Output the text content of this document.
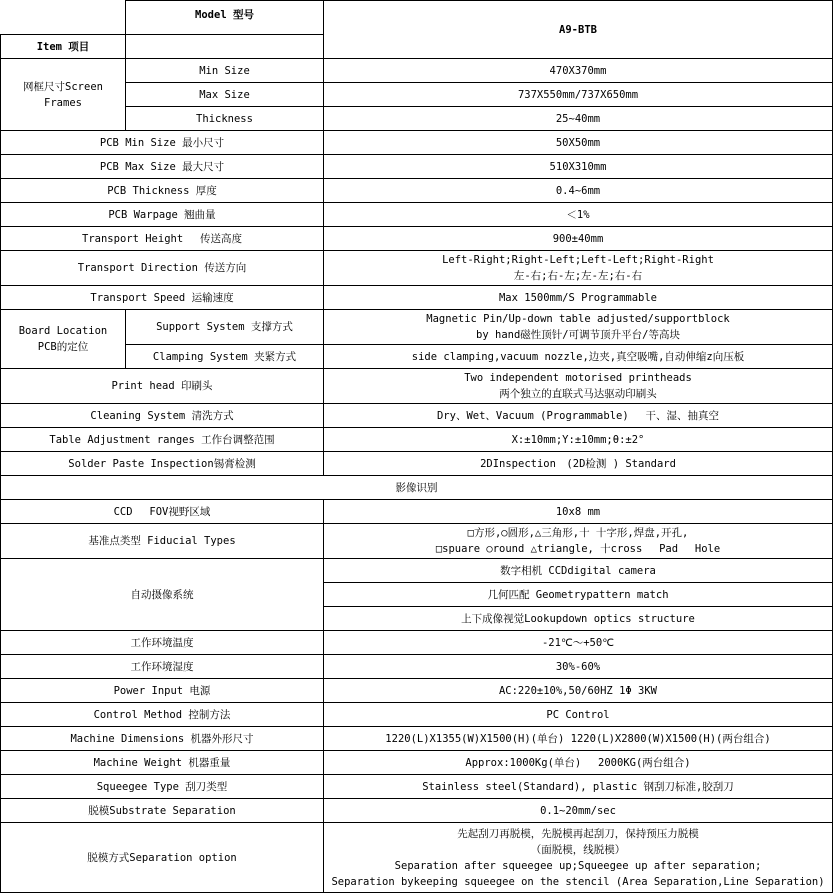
	Model 型号	A9-BTB
Item 项目		
网框尺寸Screen Frames	Min Size	470X370mm
	Max Size	737X550mm/737X650mm
	Thickness	25~40mm
PCB Min Size 最小尺寸		50X50mm
PCB Max Size 最大尺寸		510X310mm
PCB Thickness 厚度		0.4~6mm
PCB Warpage 翘曲量		＜1%
Transport Height　 传送高度		900±40mm
Transport Direction 传送方向		Left-Right;Right-Left;Left-Left;Right-Right
左-右;右-左;左-左;右-右

Transport Speed 运输速度		Max 1500mm/S Programmable

Board Location
PCB的定位	Support System 支撑方式	Magnetic Pin/Up-down table adjusted/supportblock
by hand磁性顶针/可调节顶升平台/等高块

	Clamping System 夹紧方式	side clamping,vacuum nozzle,边夹,真空吸嘴,自动伸缩z向压板
Print head 印刷头		Two independent motorised printheads
两个独立的直联式马达驱动印刷头

Cleaning System 清洗方式		Dry、Wet、Vacuum (Programmable)　 干、湿、抽真空
Table Adjustment ranges 工作台调整范围		X:±10mm;Y:±10mm;θ:±2°
Solder Paste Inspection锡膏检测		2DInspection　(2D检测 ) Standard
影像识别		
CCD　 FOV视野区域		10x8 mm
基准点类型 Fiducial Types		□方形,○圆形,△三角形,十 十字形,焊盘,开孔,
□spuare ○round △triangle, 十cross 　Pad　 Hole

自动摄像系统		数字相机 CCDdigital camera
		几何匹配 Geometrypattern match
		上下成像视觉Lookupdown optics structure
工作环境温度		-21℃～+50℃
工作环境湿度		30%-60%
Power Input 电源		AC:220±10%,50/60HZ 1Φ 3KW
Control Method 控制方法		PC Control
Machine Dimensions 机器外形尺寸		1220(L)X1355(W)X1500(H)(单台) 1220(L)X2800(W)X1500(H)(两台组合)
Machine Weight 机器重量		Approx:1000Kg(单台)　 2000KG(两台组合)
Squeegee Type 刮刀类型		Stainless steel(Standard), plastic 钢刮刀标准,胶刮刀
脱模Substrate Separation		0.1~20mm/sec
脱模方式Separation option		先起刮刀再脱模，先脱模再起刮刀，保持预压力脱模
（面脱模，线脱模）
Separation after squeegee up;Squeegee up after separation;
Separation bykeeping squeegee on the stencil (Area Separation,Line Separation)
